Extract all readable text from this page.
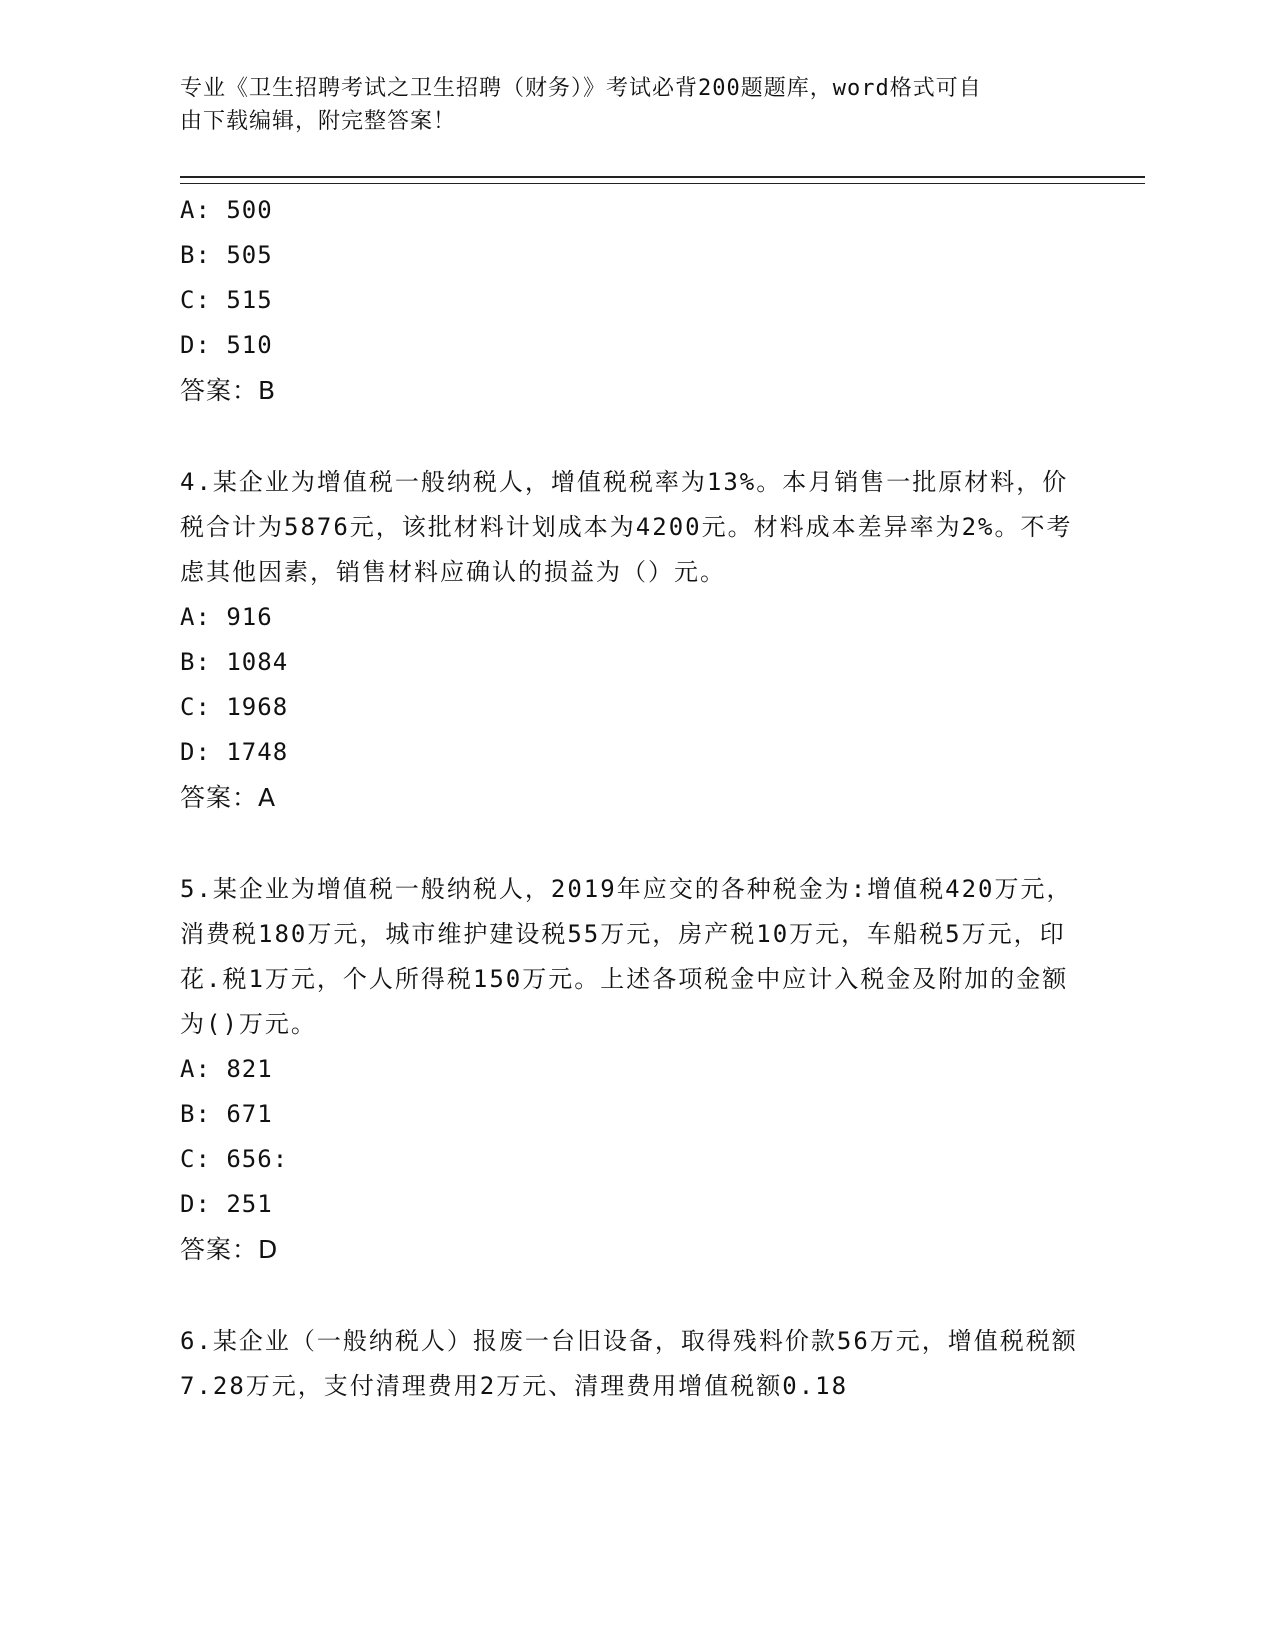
专业《卫生招聘考试之卫生招聘（财务）》考试必背200题题库，word格式可自
由下载编辑，附完整答案！
A: 500
B: 505
C: 515
D: 510
答案：B
4.某企业为增值税一般纳税人，增值税税率为13%。本月销售一批原材料，价税合计为5876元，该批材料计划成本为4200元。材料成本差异率为2%。不考虑其他因素，销售材料应确认的损益为（）元。
A: 916
B: 1084
C: 1968
D: 1748
答案：A
5.某企业为增值税一般纳税人，2019年应交的各种税金为:增值税420万元，消费税180万元，城市维护建设税55万元，房产税10万元，车船税5万元，印花.税1万元，个人所得税150万元。上述各项税金中应计入税金及附加的金额为()万元。
A: 821
B: 671
C: 656:
D: 251
答案：D
6.某企业（一般纳税人）报废一台旧设备，取得残料价款56万元，增值税税额7.28万元，支付清理费用2万元、清理费用增值税额0.18
